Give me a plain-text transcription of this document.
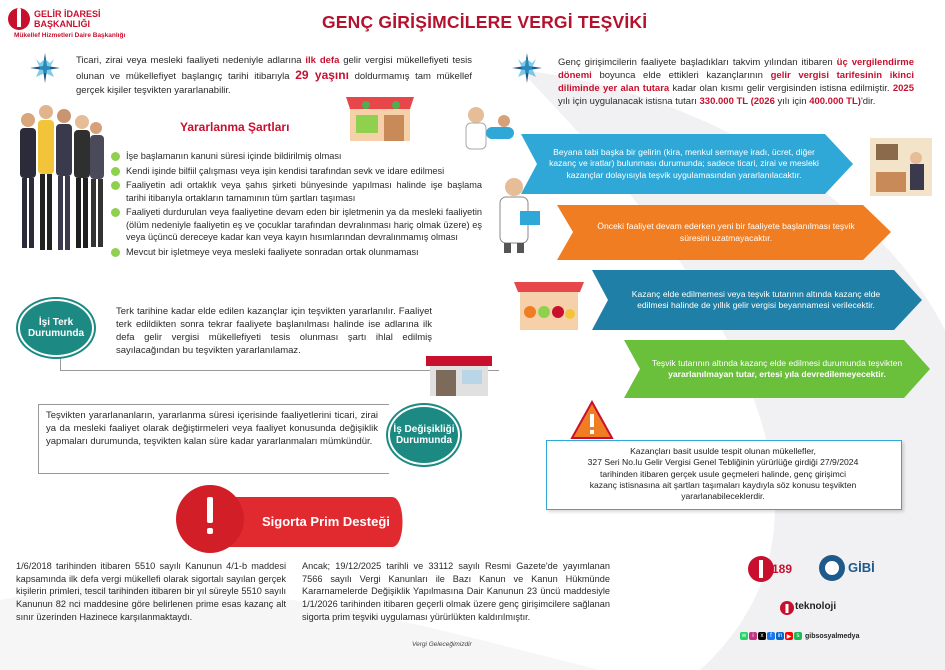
GELİR İDARESİ
BAŞKANLIĞI
Mükellef Hizmetleri Daire Başkanlığı
GENÇ GİRİŞİMCİLERE VERGİ TEŞVİKİ
Ticari, zirai veya mesleki faaliyeti nedeniyle adlarına ilk defa gelir vergisi mükellefiyeti tesis olunan ve mükellefiyet başlangıç tarihi itibarıyla 29 yaşını doldurmamış tam mükellef gerçek kişiler teşvikten yararlanabilir.
Genç girişimcilerin faaliyete başladıkları takvim yılından itibaren üç vergilendirme dönemi boyunca elde ettikleri kazançlarının gelir vergisi tarifesinin ikinci diliminde yer alan tutara kadar olan kısmı gelir vergisinden istisna edilmiştir. 2025 yılı için uygulanacak istisna tutarı 330.000 TL (2026 yılı için 400.000 TL)'dir.
Yararlanma Şartları
İşe başlamanın kanuni süresi içinde bildirilmiş olması
Kendi işinde bilfiil çalışması veya işin kendisi tarafından sevk ve idare edilmesi
Faaliyetin adi ortaklık veya şahıs şirketi bünyesinde yapılması halinde işe başlama tarihi itibarıyla ortakların tamamının tüm şartları taşıması
Faaliyeti durdurulan veya faaliyetine devam eden bir işletmenin ya da mesleki faaliyetin (ölüm nedeniyle faaliyetin eş ve çocuklar tarafından devralınması hariç olmak üzere) eş veya üçüncü dereceye kadar kan veya kayın hısımlarından devralınmamış olması
Mevcut bir işletmeye veya mesleki faaliyete sonradan ortak olunmaması
İşi Terk Durumunda
Terk tarihine kadar elde edilen kazançlar için teşvikten yararlanılır. Faaliyet terk edildikten sonra tekrar faaliyete başlanılması halinde ise adlarına ilk defa gelir vergisi mükellefiyeti tesis olunması şartı ihlal edilmiş sayılacağından bu teşvikten yararlanılamaz.
Teşvikten yararlananların, yararlanma süresi içerisinde faaliyetlerini ticari, zirai ya da mesleki faaliyet olarak değiştirmeleri veya faaliyet konusunda değişiklik yapmaları durumunda, teşvikten kalan süre kadar yararlanmaları mümkündür.
İş Değişikliği Durumunda
Beyana tabi başka bir gelirin (kira, menkul sermaye iradı, ücret, diğer kazanç ve iratlar) bulunması durumunda; sadece ticari, zirai ve mesleki kazançlar dolayısıyla teşvik uygulamasından yararlanılacaktır.
Önceki faaliyet devam ederken yeni bir faaliyete başlanılması teşvik süresini uzatmayacaktır.
Kazanç elde edilmemesi veya teşvik tutarının altında kazanç elde edilmesi halinde de yıllık gelir vergisi beyannamesi verilecektir.
Teşvik tutarının altında kazanç elde edilmesi durumunda teşvikten yararlanılmayan tutar, ertesi yıla devredilemeyecektir.
Kazançları basit usulde tespit olunan mükellefler,
327 Seri No.lu Gelir Vergisi Genel Tebliğinin yürürlüğe girdiği 27/9/2024
tarihinden itibaren gerçek usule geçmeleri halinde, genç girişimci
kazanç istisnasına ait şartları taşımaları kaydıyla söz konusu teşvikten
yararlanabileceklerdir.
Sigorta Prim Desteği
1/6/2018 tarihinden itibaren 5510 sayılı Kanunun 4/1-b maddesi kapsamında ilk defa vergi mükellefi olarak sigortalı sayılan gerçek kişilerin primleri, tescil tarihinden itibaren bir yıl süreyle 5510 sayılı Kanunun 82 nci maddesine göre belirlenen prime esas kazanç alt sınır üzerinden Hazinece karşılanmaktaydı.
Ancak; 19/12/2025 tarihli ve 33112 sayılı Resmi Gazete'de yayımlanan 7566 sayılı Vergi Kanunları ile Bazı Kanun ve Kanun Hükmünde Kararnamelerde Değişiklik Yapılmasına Dair Kanunun 23 üncü maddesiyle 1/1/2026 tarihinden itibaren geçerli olmak üzere genç girişimcilere sağlanan sigorta prim teşviki uygulaması yürürlükten kaldırılmıştır.
189	GİBİ
teknoloji
w	i	x	f in ▶ s gibsosyalmedya
Vergi Geleceğimizdir
